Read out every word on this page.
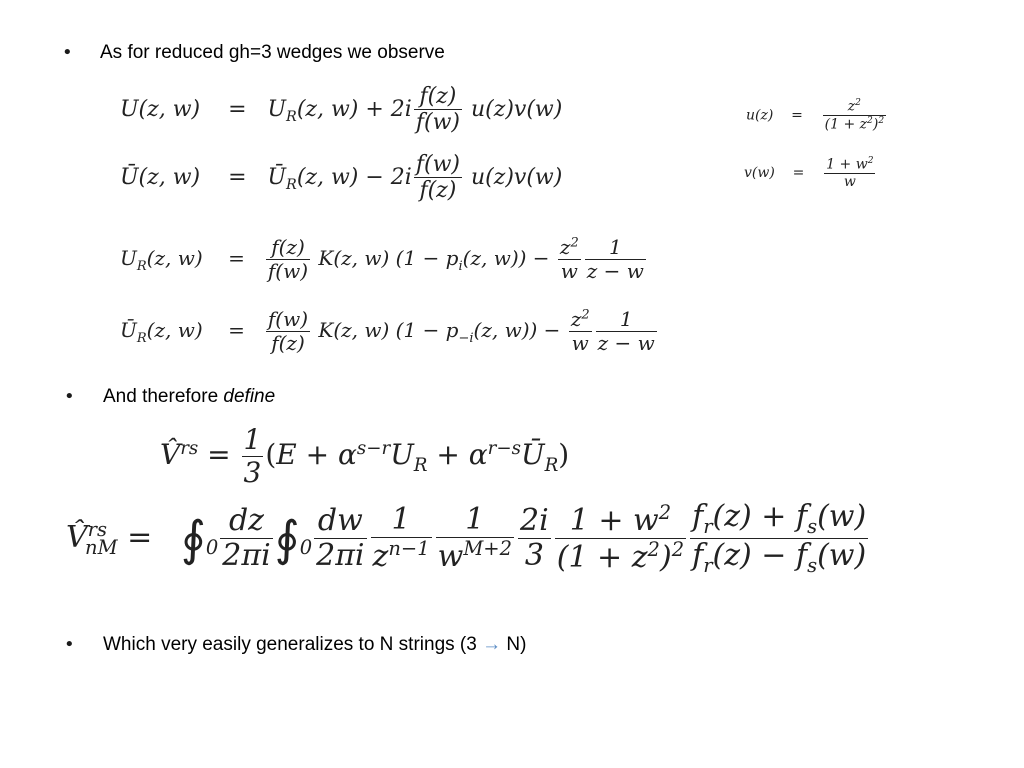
• As for reduced gh=3 wedges we observe
U(z, w)    =   $U_R(z$, $w) + 2i \frac{f(z)}{f(w)} u(z)v(w)$
Ū(z, w)    =   $Ū_R(z$, $w) - 2i \frac{f(w)}{f(z)} u(z)v(w)$
u(z)    = $\frac{z^2}{(1 + z^2)^2}$
v(w)    = $\frac{1 + w^2}{w}$
$U_R(z$, w)    = $\frac{f(z)}{f(w)} K(z$, w) ($1 - p_i(z$, $w)) - \frac{z^2}{w} \frac{1}{z - w}$
$Ū_R(z$, w)    = $\frac{f(w)}{f(z)} K(z$, w) ($1 - p_{-i}(z$, $w)) - \frac{z^2}{w} \frac{1}{z - w}$
• And therefore define
V̂$^{rs}$ = $\frac{1}{3} (E + \alpha^{s-r}U_R$ + $\alpha^{r-s}Ū_R$)
V̂$^{rs}_{nM}$ =   $∮_0 \frac{dz}{2\pi i}$ $∮_0 \frac{dw}{2\pi i} \frac{1}{z^{n-1}} \frac{1}{w^{M+2}} \frac{2i}{3} \frac{1 + w^2}{(1 + z^2)^2} \frac{f_r(z) + f_s(w)}{f_r(z) - f_s(w)}$
• Which very easily generalizes to N strings (3 → N)
